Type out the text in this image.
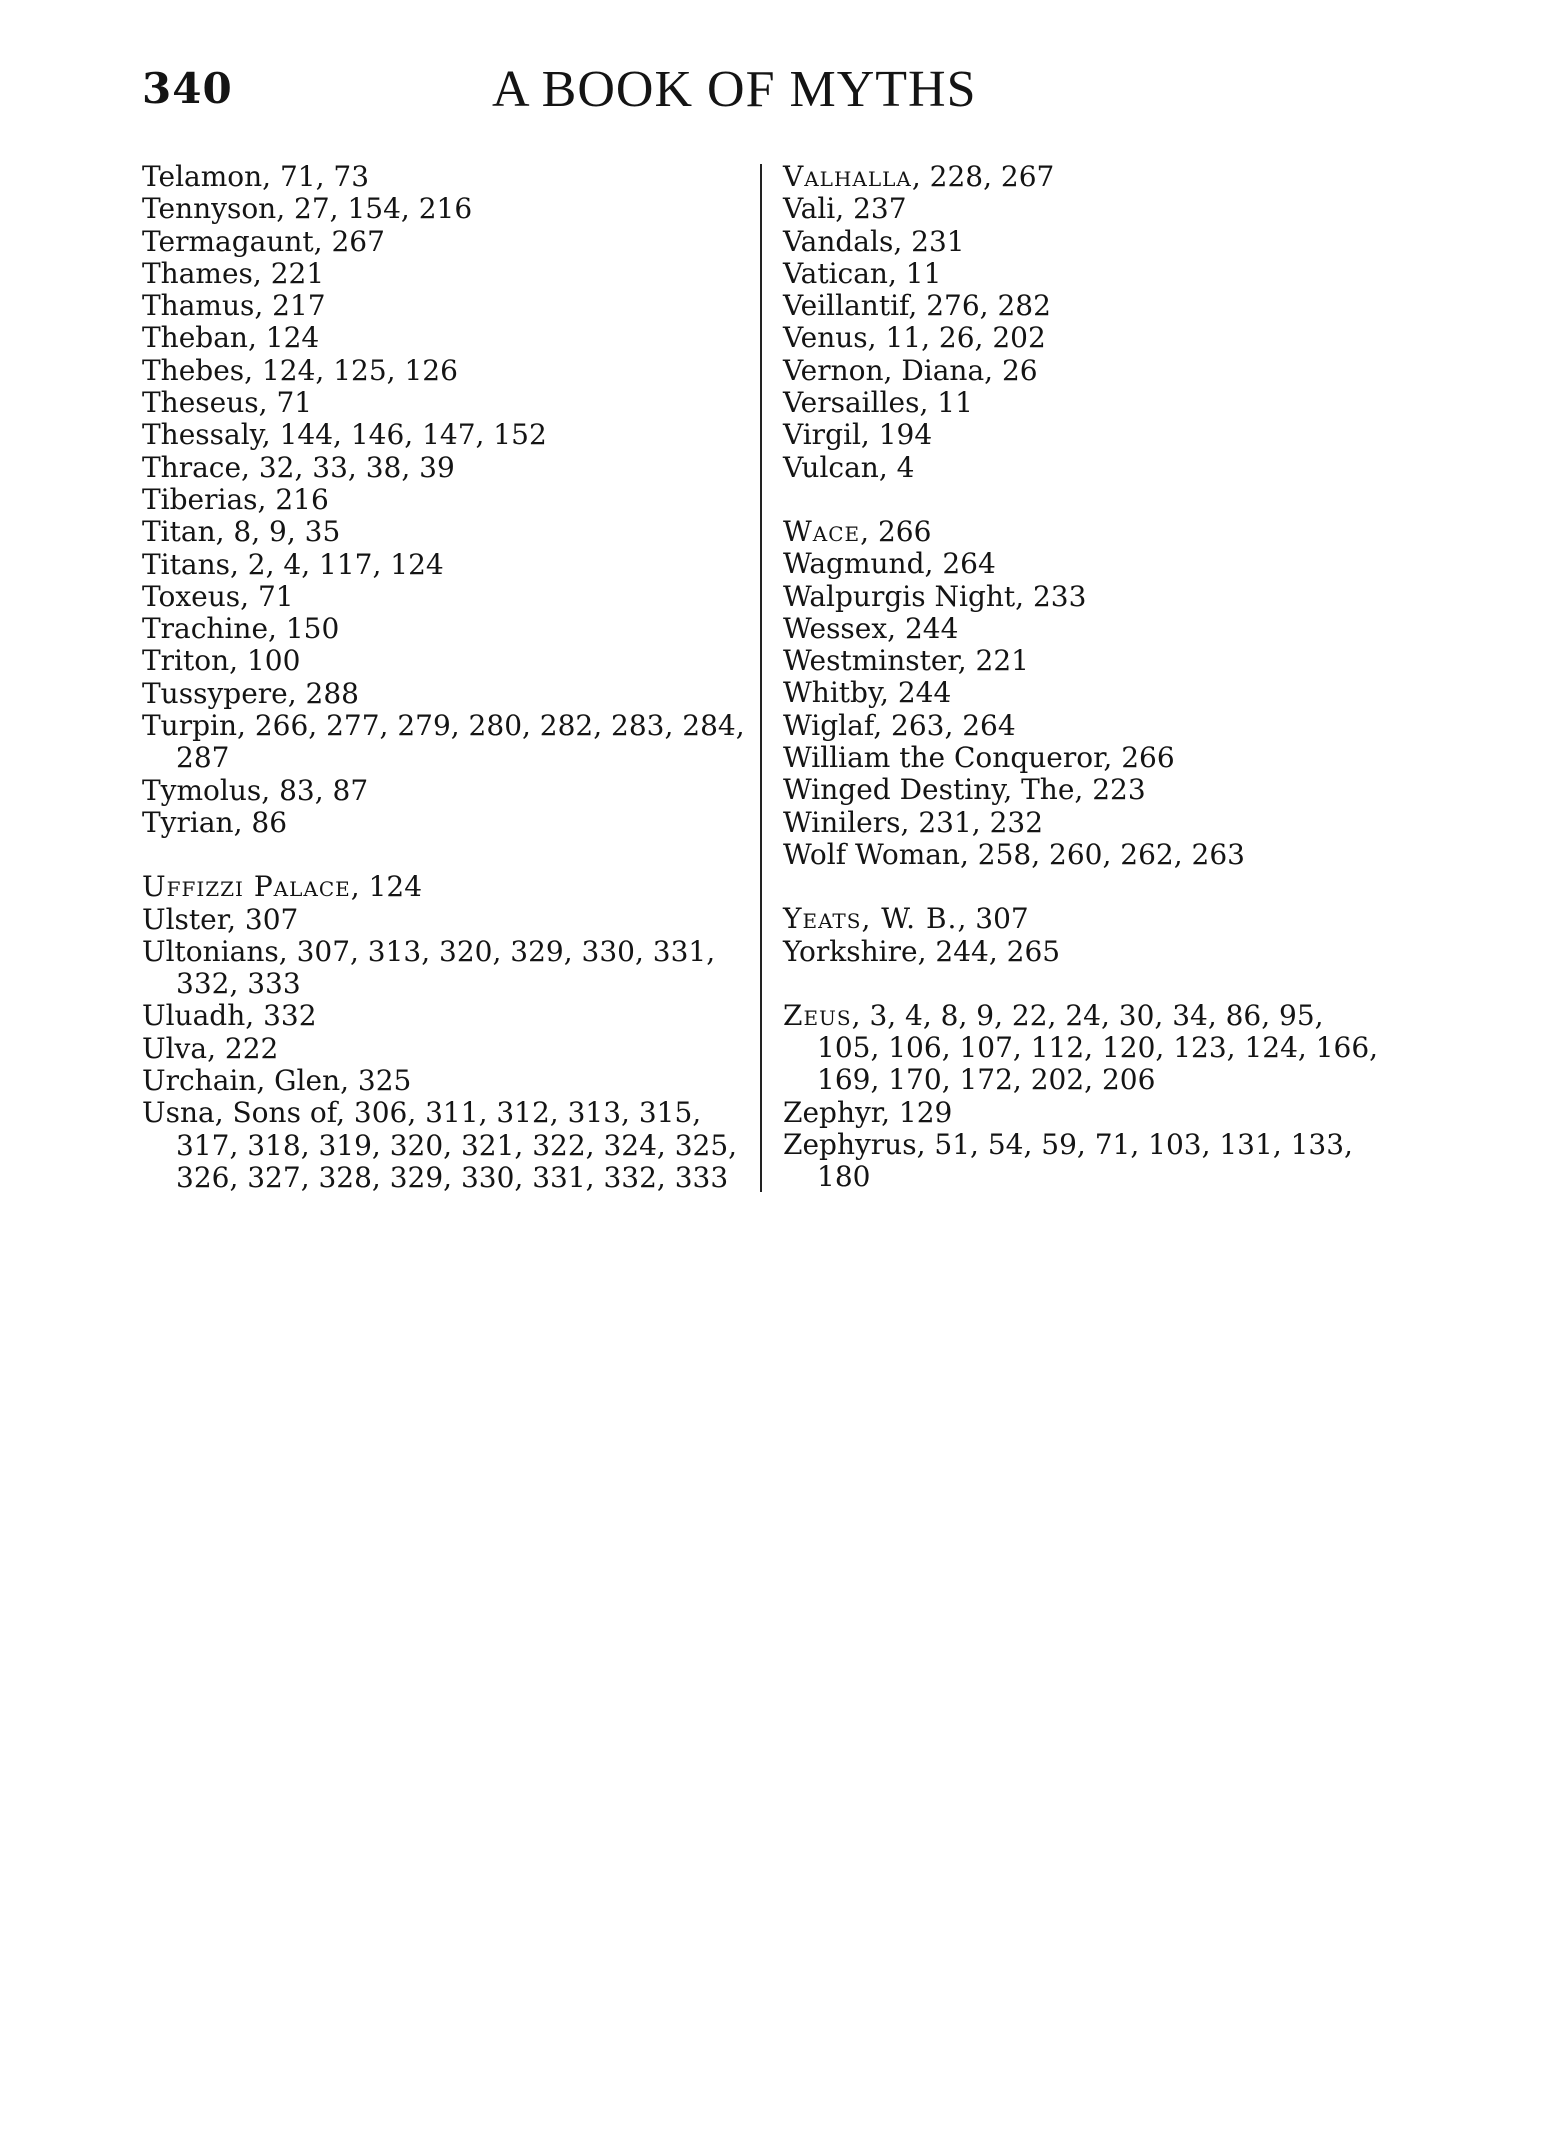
340	A BOOK OF MYTHS
Telamon, 71, 73
Tennyson, 27, 154, 216
Termagaunt, 267
Thames, 221
Thamus, 217
Theban, 124
Thebes, 124, 125, 126
Theseus, 71
Thessaly, 144, 146, 147, 152
Thrace, 32, 33, 38, 39
Tiberias, 216
Titan, 8, 9, 35
Titans, 2, 4, 117, 124
Toxeus, 71
Trachine, 150
Triton, 100
Tussypere, 288
Turpin, 266, 277, 279, 280, 282, 283, 284, 287
Tymolus, 83, 87
Tyrian, 86
Uffizzi Palace, 124
Ulster, 307
Ultonians, 307, 313, 320, 329, 330, 331, 332, 333
Uluadh, 332
Ulva, 222
Urchain, Glen, 325
Usna, Sons of, 306, 311, 312, 313, 315, 317, 318, 319, 320, 321, 322, 324, 325, 326, 327, 328, 329, 330, 331, 332, 333
Valhalla, 228, 267
Vali, 237
Vandals, 231
Vatican, 11
Veillantif, 276, 282
Venus, 11, 26, 202
Vernon, Diana, 26
Versailles, 11
Virgil, 194
Vulcan, 4
Wace, 266
Wagmund, 264
Walpurgis Night, 233
Wessex, 244
Westminster, 221
Whitby, 244
Wiglaf, 263, 264
William the Conqueror, 266
Winged Destiny, The, 223
Winilers, 231, 232
Wolf Woman, 258, 260, 262, 263
Yeats, W. B., 307
Yorkshire, 244, 265
Zeus, 3, 4, 8, 9, 22, 24, 30, 34, 86, 95, 105, 106, 107, 112, 120, 123, 124, 166, 169, 170, 172, 202, 206
Zephyr, 129
Zephyrus, 51, 54, 59, 71, 103, 131, 133, 180
